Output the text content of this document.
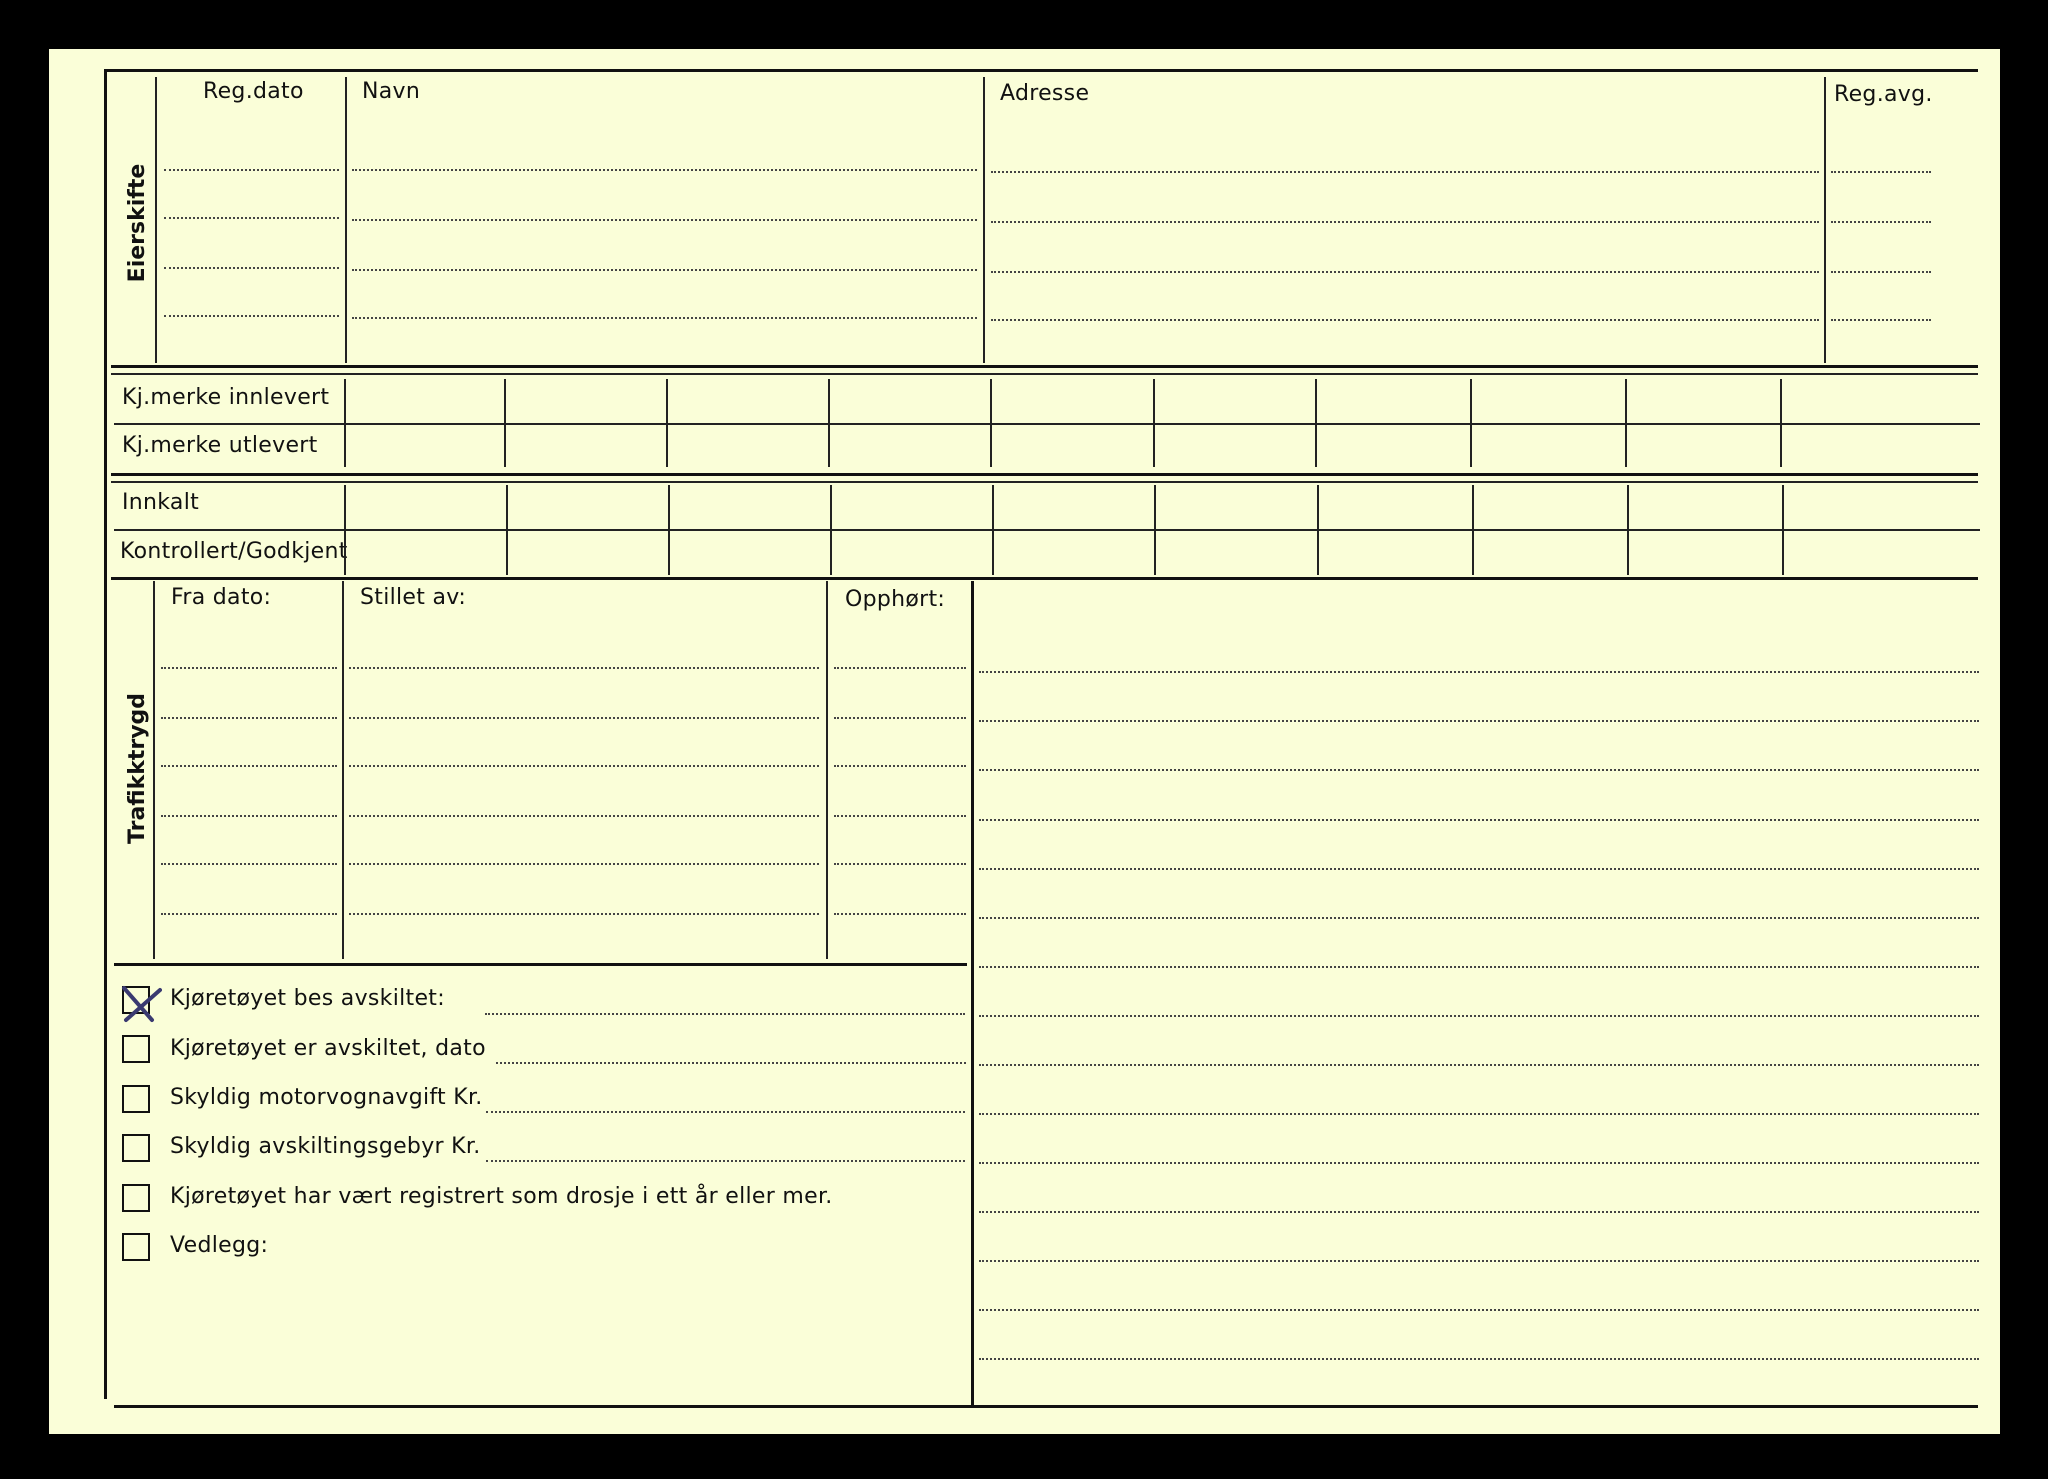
Eierskifte
Reg.dato	Navn	Adresse	Reg.avg.
Kj.merke innlevert
Kj.merke utlevert
Innkalt
Kontrollert/Godkjent
Trafikktrygd
Fra dato:	Stillet av:	Opphørt:
Kjøretøyet bes avskiltet:
Kjøretøyet er avskiltet, dato
Skyldig motorvognavgift Kr.
Skyldig avskiltingsgebyr Kr.
Kjøretøyet har vært registrert som drosje i ett år eller mer.
Vedlegg:
